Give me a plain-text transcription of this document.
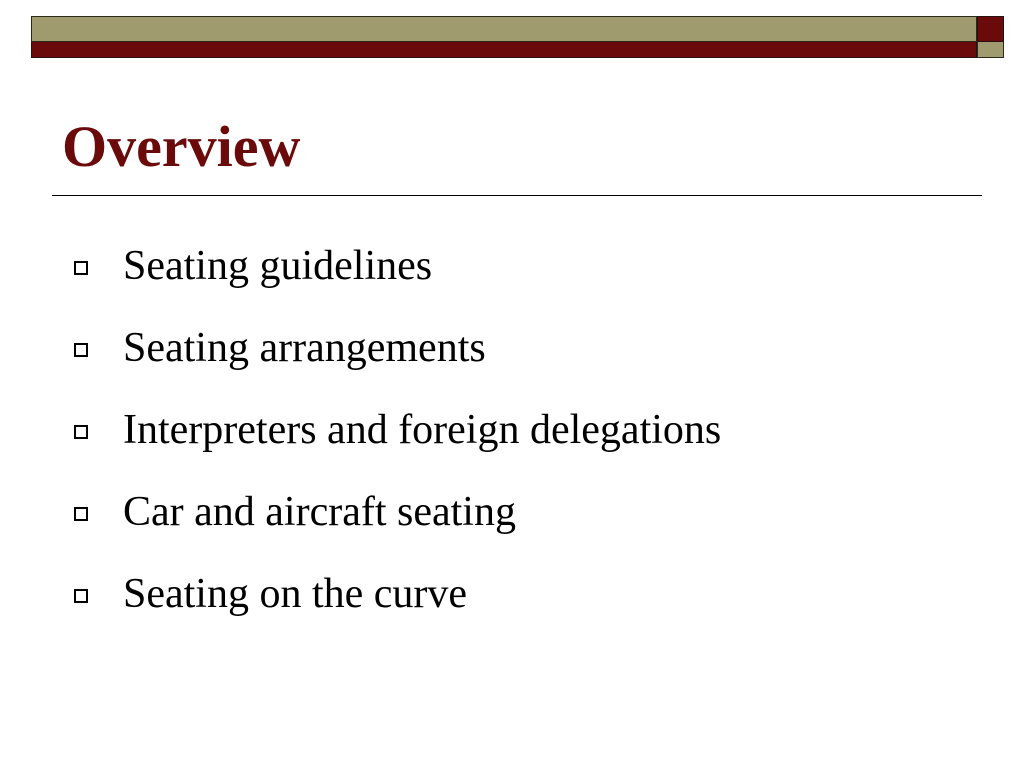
Overview
Seating guidelines
Seating arrangements
Interpreters and foreign delegations
Car and aircraft seating
Seating on the curve
